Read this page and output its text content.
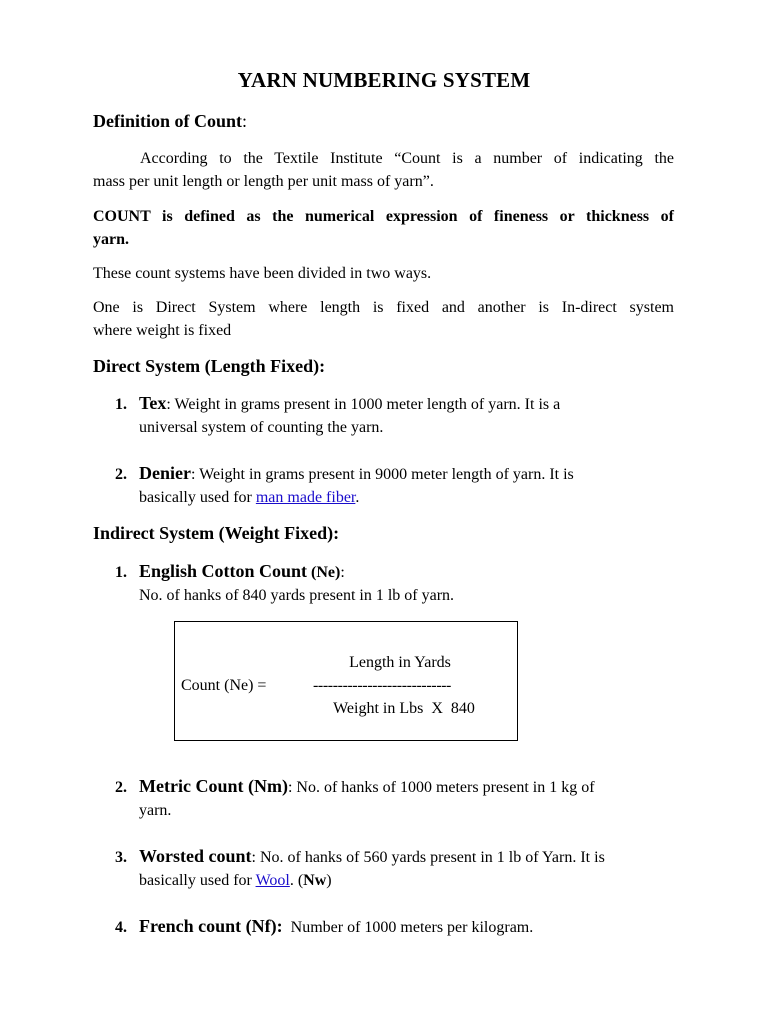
YARN NUMBERING SYSTEM
Definition of Count:
According to the Textile Institute “Count is a number of indicating the
mass per unit length or length per unit mass of yarn”.
COUNT is defined as the numerical expression of fineness or thickness of
yarn.
These count systems have been divided in two ways.
One is Direct System where length is fixed and another is In-direct system
where weight is fixed
Direct System (Length Fixed):
1. Tex: Weight in grams present in 1000 meter length of yarn. It is a
universal system of counting the yarn.
2. Denier: Weight in grams present in 9000 meter length of yarn. It is
basically used for man made fiber.
Indirect System (Weight Fixed):
1. English Cotton Count (Ne):
No. of hanks of 840 yards present in 1 lb of yarn.
Length in Yards
Count (Ne) =	----------------------------
Weight in Lbs  X  840
2. Metric Count (Nm): No. of hanks of 1000 meters present in 1 kg of
yarn.
3. Worsted count: No. of hanks of 560 yards present in 1 lb of Yarn. It is
basically used for Wool. (Nw)
4. French count (Nf):  Number of 1000 meters per kilogram.
